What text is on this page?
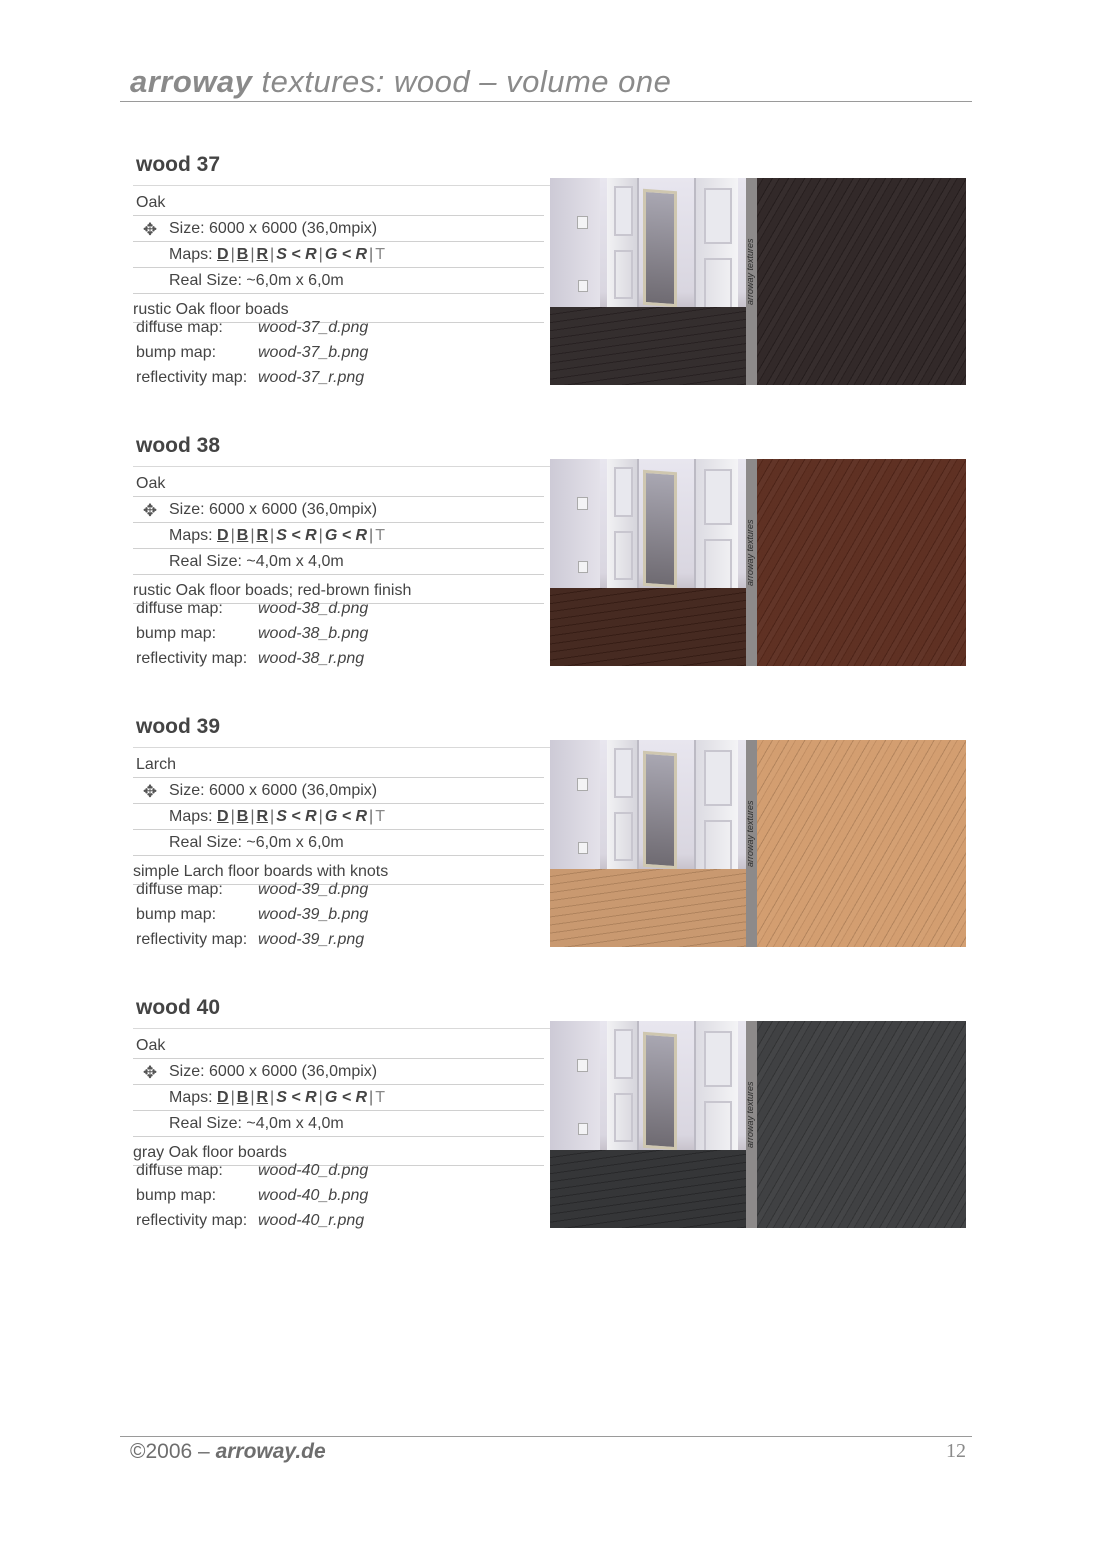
arroway textures: wood – volume one
wood 37
Oak
✥ Size: 6000 x 6000 (36,0mpix)
Maps: D | B | R | S < R | G < R | T
Real Size: ~6,0m x 6,0m
rustic Oak floor boads
diffuse map: wood-37_d.png
bump map:	wood-37_b.png
reflectivity map: wood-37_r.png
arroway textures
wood 38
Oak
✥ Size: 6000 x 6000 (36,0mpix)
Maps: D | B | R | S < R | G < R | T
Real Size: ~4,0m x 4,0m
rustic Oak floor boads; red-brown finish
diffuse map: wood-38_d.png
bump map:	wood-38_b.png
reflectivity map: wood-38_r.png
arroway textures
wood 39
Larch
✥ Size: 6000 x 6000 (36,0mpix)
Maps: D | B | R | S < R | G < R | T
Real Size: ~6,0m x 6,0m
simple Larch floor boards with knots
diffuse map: wood-39_d.png
bump map:	wood-39_b.png
reflectivity map: wood-39_r.png
arroway textures
wood 40
Oak
✥ Size: 6000 x 6000 (36,0mpix)
Maps: D | B | R | S < R | G < R | T
Real Size: ~4,0m x 4,0m
gray Oak floor boards
diffuse map: wood-40_d.png
bump map:	wood-40_b.png
reflectivity map: wood-40_r.png
arroway textures
©2006 – arroway.de	12
